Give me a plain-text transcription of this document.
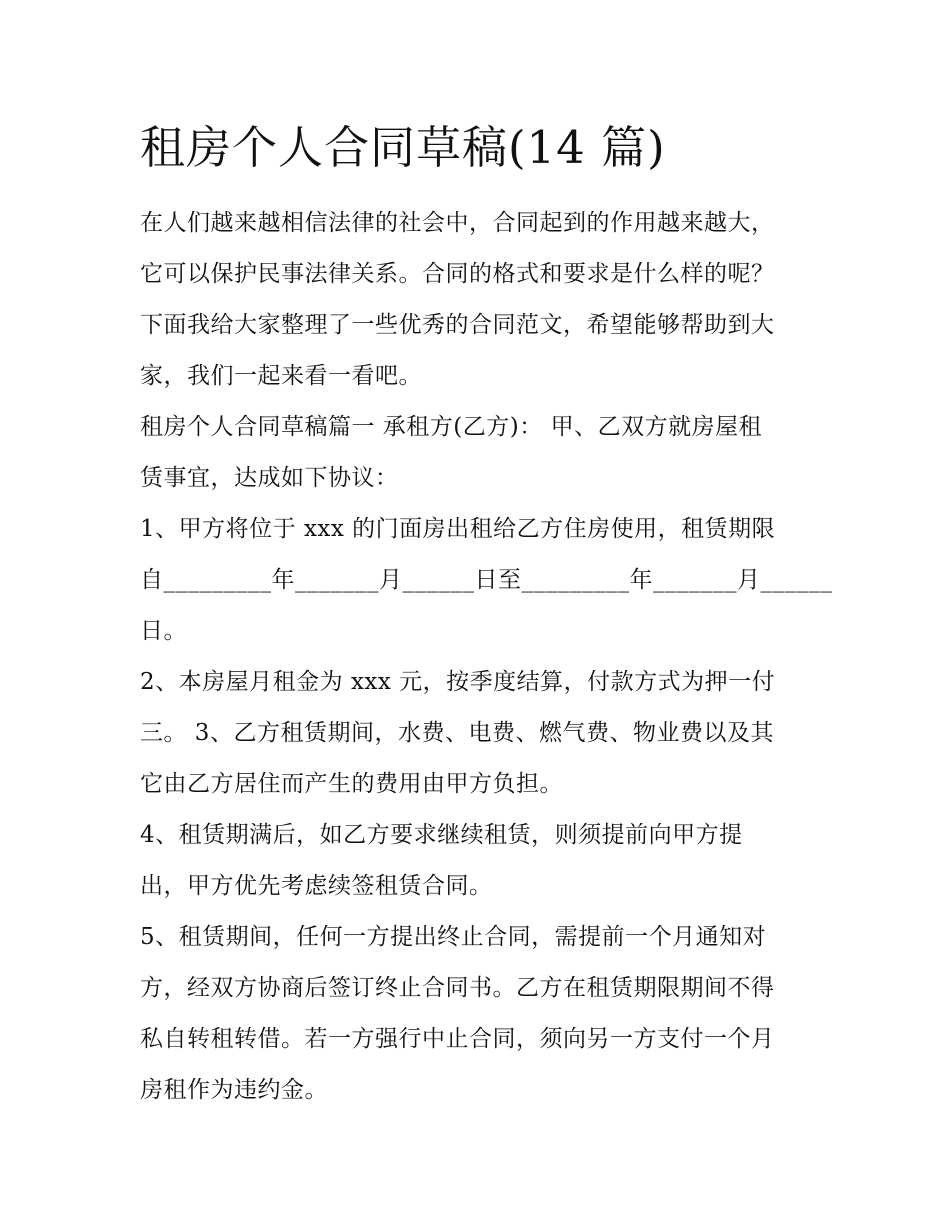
租房个人合同草稿(14 篇)

在人们越来越相信法律的社会中，合同起到的作用越来越大，
它可以保护民事法律关系。合同的格式和要求是什么样的呢？
下面我给大家整理了一些优秀的合同范文，希望能够帮助到大
家，我们一起来看一看吧。

租房个人合同草稿篇一 承租方(乙方)： 甲、乙双方就房屋租
赁事宜，达成如下协议：

1、甲方将位于 xxx 的门面房出租给乙方住房使用，租赁期限
自_________年_______月______日至_________年_______月______
日。

2、本房屋月租金为 xxx 元，按季度结算，付款方式为押一付
三。 3、乙方租赁期间，水费、电费、燃气费、物业费以及其
它由乙方居住而产生的费用由甲方负担。

4、租赁期满后，如乙方要求继续租赁，则须提前向甲方提
出，甲方优先考虑续签租赁合同。

5、租赁期间，任何一方提出终止合同，需提前一个月通知对
方，经双方协商后签订终止合同书。乙方在租赁期限期间不得
私自转租转借。若一方强行中止合同，须向另一方支付一个月
房租作为违约金。
